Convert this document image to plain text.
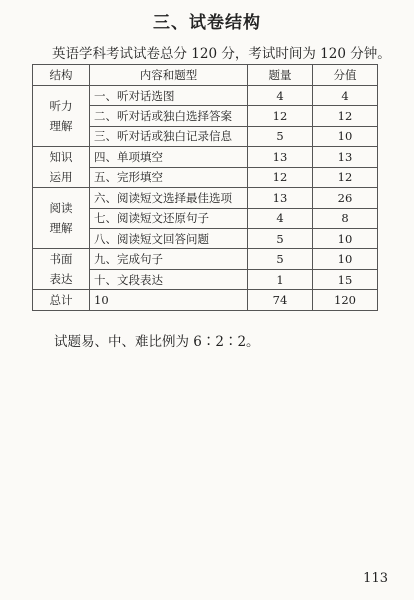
三、试卷结构
英语学科考试试卷总分 120 分，考试时间为 120 分钟。
结构	内容和题型	题量	分值

听力
理解	一、听对话选图	4	4
	二、听对话或独白选择答案	12	12
	三、听对话或独白记录信息	5	10

知识
运用	四、单项填空	13	13
	五、完形填空	12	12

阅读
理解	六、阅读短文选择最佳选项	13	26
	七、阅读短文还原句子	4	8
	八、阅读短文回答问题	5	10

书面
表达	九、完成句子	5	10
	十、文段表达	1	15
总计	10	74	120
试题易、中、难比例为 6∶2∶2。
113
